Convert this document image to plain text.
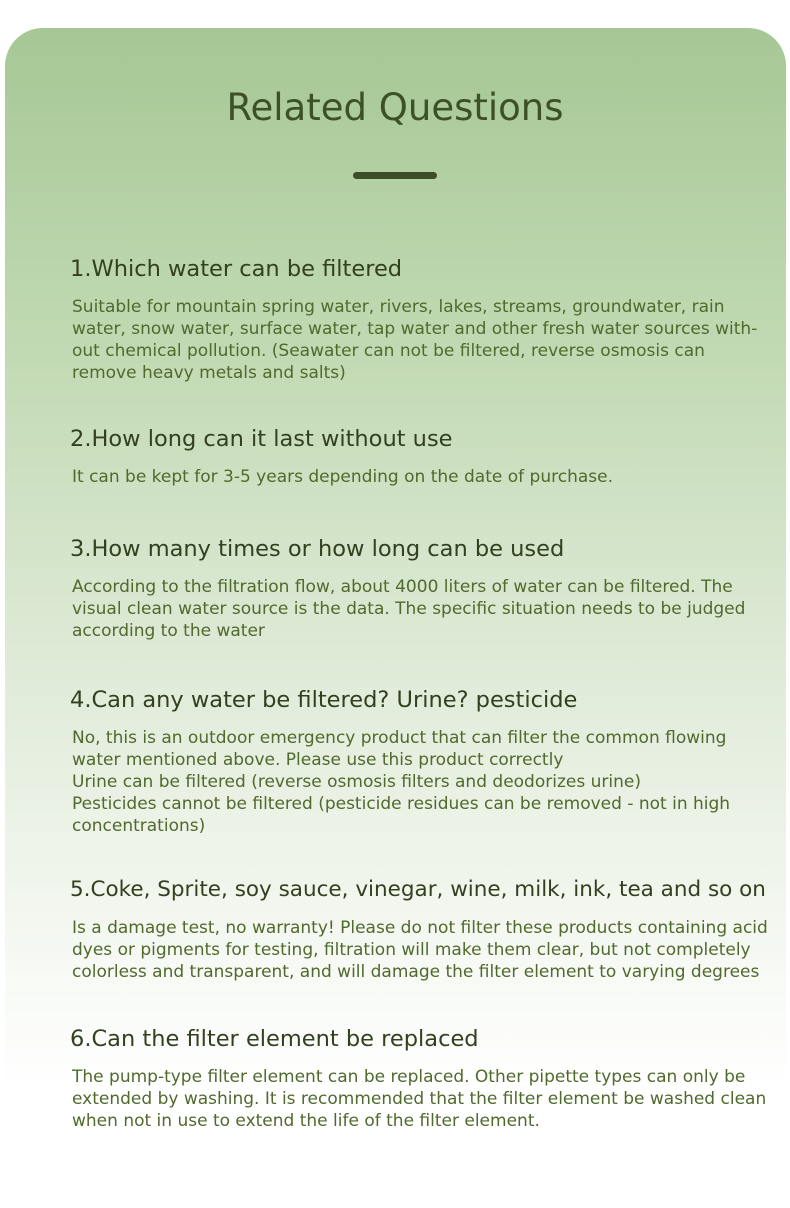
Related Questions
1.Which water can be filtered

Suitable for mountain spring water, rivers, lakes, streams, groundwater, rain water, snow water, surface water, tap water and other fresh water sources with-out chemical pollution. (Seawater can not be filtered, reverse osmosis can remove heavy metals and salts)

2.How long can it last without use

It can be kept for 3-5 years depending on the date of purchase.

3.How many times or how long can be used

According to the filtration flow, about 4000 liters of water can be filtered. The visual clean water source is the data. The specific situation needs to be judged according to the water

4.Can any water be filtered? Urine? pesticide

No, this is an outdoor emergency product that can filter the common flowing water mentioned above. Please use this product correctly
Urine can be filtered (reverse osmosis filters and deodorizes urine)
Pesticides cannot be filtered (pesticide residues can be removed - not in high concentrations)

5.Coke, Sprite, soy sauce, vinegar, wine, milk, ink, tea and so on

Is a damage test, no warranty! Please do not filter these products containing acid dyes or pigments for testing, filtration will make them clear, but not completely colorless and transparent, and will damage the filter element to varying degrees

6.Can the filter element be replaced

The pump-type filter element can be replaced. Other pipette types can only be extended by washing. It is recommended that the filter element be washed clean when not in use to extend the life of the filter element.
